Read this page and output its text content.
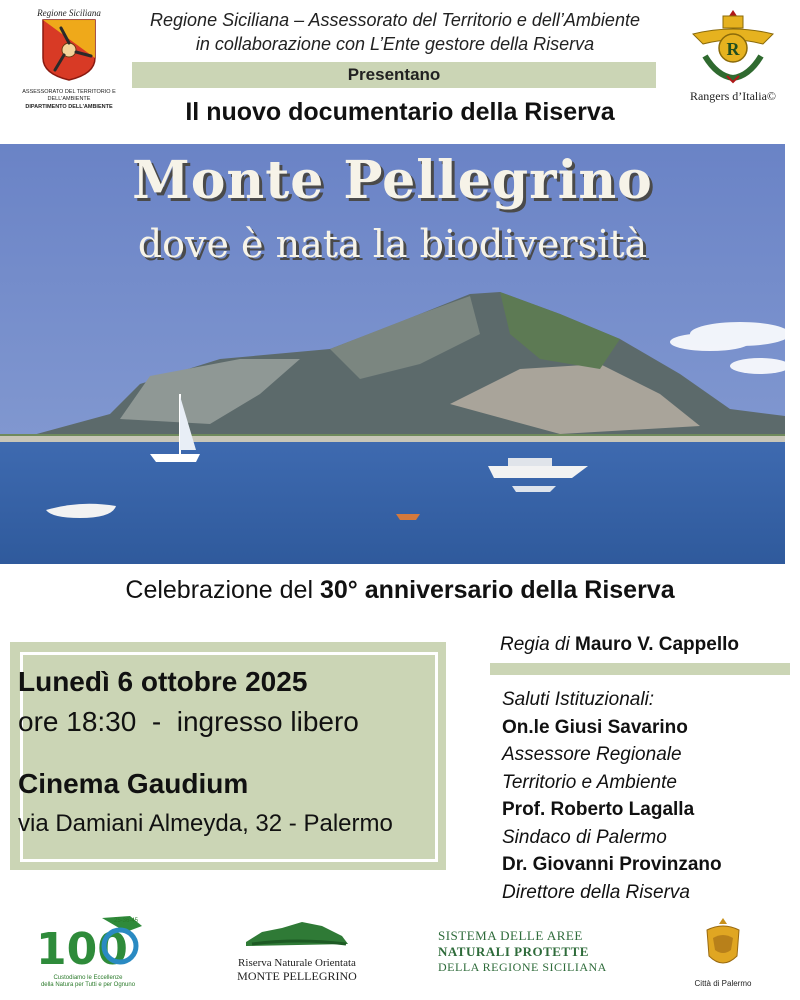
Regione Siciliana
ASSESSORATO DEL TERRITORIO E DELL'AMBIENTE
DIPARTIMENTO DELL'AMBIENTE
Regione Siciliana – Assessorato del Territorio e dell’Ambiente
in collaborazione con L’Ente gestore della Riserva
Presentano
Il nuovo documentario della Riserva
R
Rangers d’Italia©
Monte Pellegrino
dove è nata la biodiversità
Celebrazione del 30° anniversario della Riserva
Lunedì 6 ottobre 2025
ore 18:30  -  ingresso libero
Cinema Gaudium
via Damiani Almeyda, 32 - Palermo
Regia di Mauro V. Cappello
Saluti Istituzionali:
On.le Giusi Savarino
Assessore Regionale
Territorio e Ambiente
Prof. Roberto Lagalla
Sindaco di Palermo
Dr. Giovanni Provinzano
Direttore della Riserva
25-36-45
100
Custodiamo le Eccellenze
della Natura per Tutti e per Ognuno
Riserva Naturale Orientata
MONTE PELLEGRINO
SISTEMA DELLE AREE
NATURALI PROTETTE
DELLA REGIONE SICILIANA
Città di Palermo
